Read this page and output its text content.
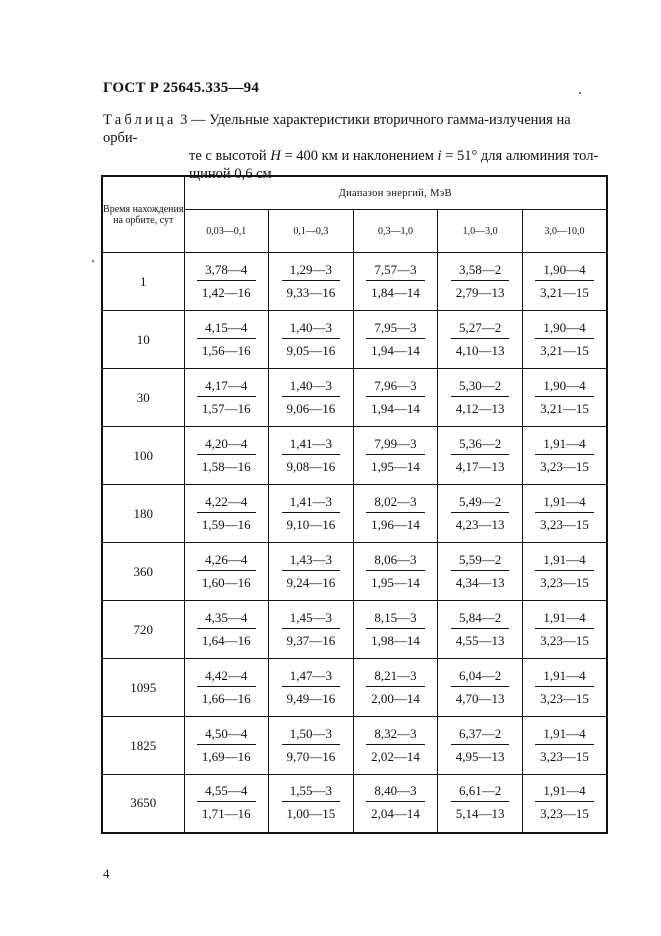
ГОСТ Р 25645.335—94
Таблица 3 — Удельные характеристики вторичного гамма-излучения на орби-
те с высотой H = 400 км и наклонением i = 51° для алюминия тол-
щиной 0,6 см
Время нахождения на орбите, сут	Диапазон энергий, МэВ				
	0,03—0,1	0,1—0,3	0,3—1,0	1,0—3,0	3,0—10,0
1	$\frac{3,78—4}{1,42—16}$	$\frac{1,29—3}{9,33—16}$	$\frac{7,57—3}{1,84—14}$	$\frac{3,58—2}{2,79—13}$	$\frac{1,90—4}{3,21—15}$

10	$\frac{4,15—4}{1,56—16}$	$\frac{1,40—3}{9,05—16}$	$\frac{7,95—3}{1,94—14}$	$\frac{5,27—2}{4,10—13}$	$\frac{1,90—4}{3,21—15}$

30	$\frac{4,17—4}{1,57—16}$	$\frac{1,40—3}{9,06—16}$	$\frac{7,96—3}{1,94—14}$	$\frac{5,30—2}{4,12—13}$	$\frac{1,90—4}{3,21—15}$

100	$\frac{4,20—4}{1,58—16}$	$\frac{1,41—3}{9,08—16}$	$\frac{7,99—3}{1,95—14}$	$\frac{5,36—2}{4,17—13}$	$\frac{1,91—4}{3,23—15}$

180	$\frac{4,22—4}{1,59—16}$	$\frac{1,41—3}{9,10—16}$	$\frac{8,02—3}{1,96—14}$	$\frac{5,49—2}{4,23—13}$	$\frac{1,91—4}{3,23—15}$

360	$\frac{4,26—4}{1,60—16}$	$\frac{1,43—3}{9,24—16}$	$\frac{8,06—3}{1,95—14}$	$\frac{5,59—2}{4,34—13}$	$\frac{1,91—4}{3,23—15}$

720	$\frac{4,35—4}{1,64—16}$	$\frac{1,45—3}{9,37—16}$	$\frac{8,15—3}{1,98—14}$	$\frac{5,84—2}{4,55—13}$	$\frac{1,91—4}{3,23—15}$

1095	$\frac{4,42—4}{1,66—16}$	$\frac{1,47—3}{9,49—16}$	$\frac{8,21—3}{2,00—14}$	$\frac{6,04—2}{4,70—13}$	$\frac{1,91—4}{3,23—15}$

1825	$\frac{4,50—4}{1,69—16}$	$\frac{1,50—3}{9,70—16}$	$\frac{8,32—3}{2,02—14}$	$\frac{6,37—2}{4,95—13}$	$\frac{1,91—4}{3,23—15}$

3650	$\frac{4,55—4}{1,71—16}$	$\frac{1,55—3}{1,00—15}$	$\frac{8,40—3}{2,04—14}$	$\frac{6,61—2}{5,14—13}$	$\frac{1,91—4}{3,23—15}$
4
